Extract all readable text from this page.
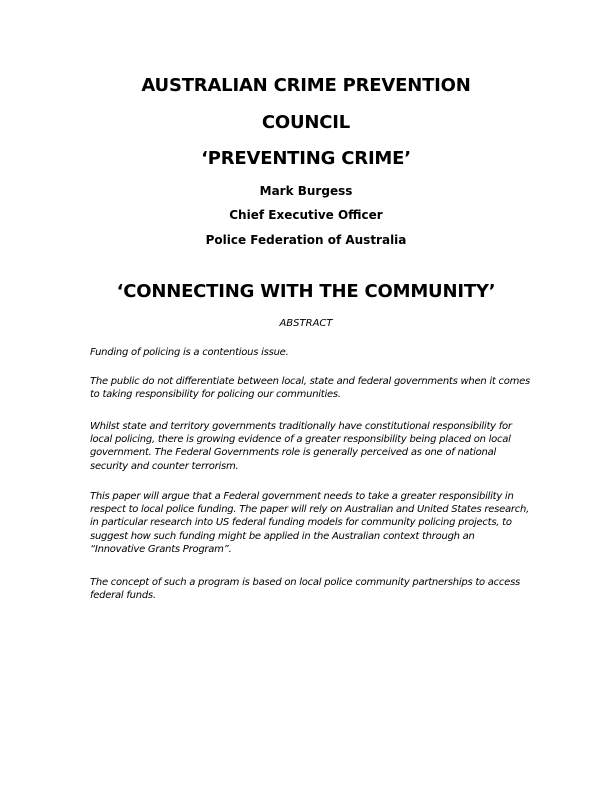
AUSTRALIAN CRIME PREVENTION
COUNCIL
‘PREVENTING CRIME’

Mark Burgess

Chief Executive Officer

Police Federation of Australia

‘CONNECTING WITH THE COMMUNITY’

ABSTRACT

Funding of policing is a contentious issue.

The public do not differentiate between local, state and federal governments when it comes to taking responsibility for policing our communities.

Whilst state and territory governments traditionally have constitutional responsibility for local policing, there is growing evidence of a greater responsibility being placed on local government. The Federal Governments role is generally perceived as one of national security and counter terrorism.

This paper will argue that a Federal government needs to take a greater responsibility in respect to local police funding. The paper will rely on Australian and United States research, in particular research into US federal funding models for community policing projects, to suggest how such funding might be applied in the Australian context through an “Innovative Grants Program”.

The concept of such a program is based on local police community partnerships to access federal funds.
